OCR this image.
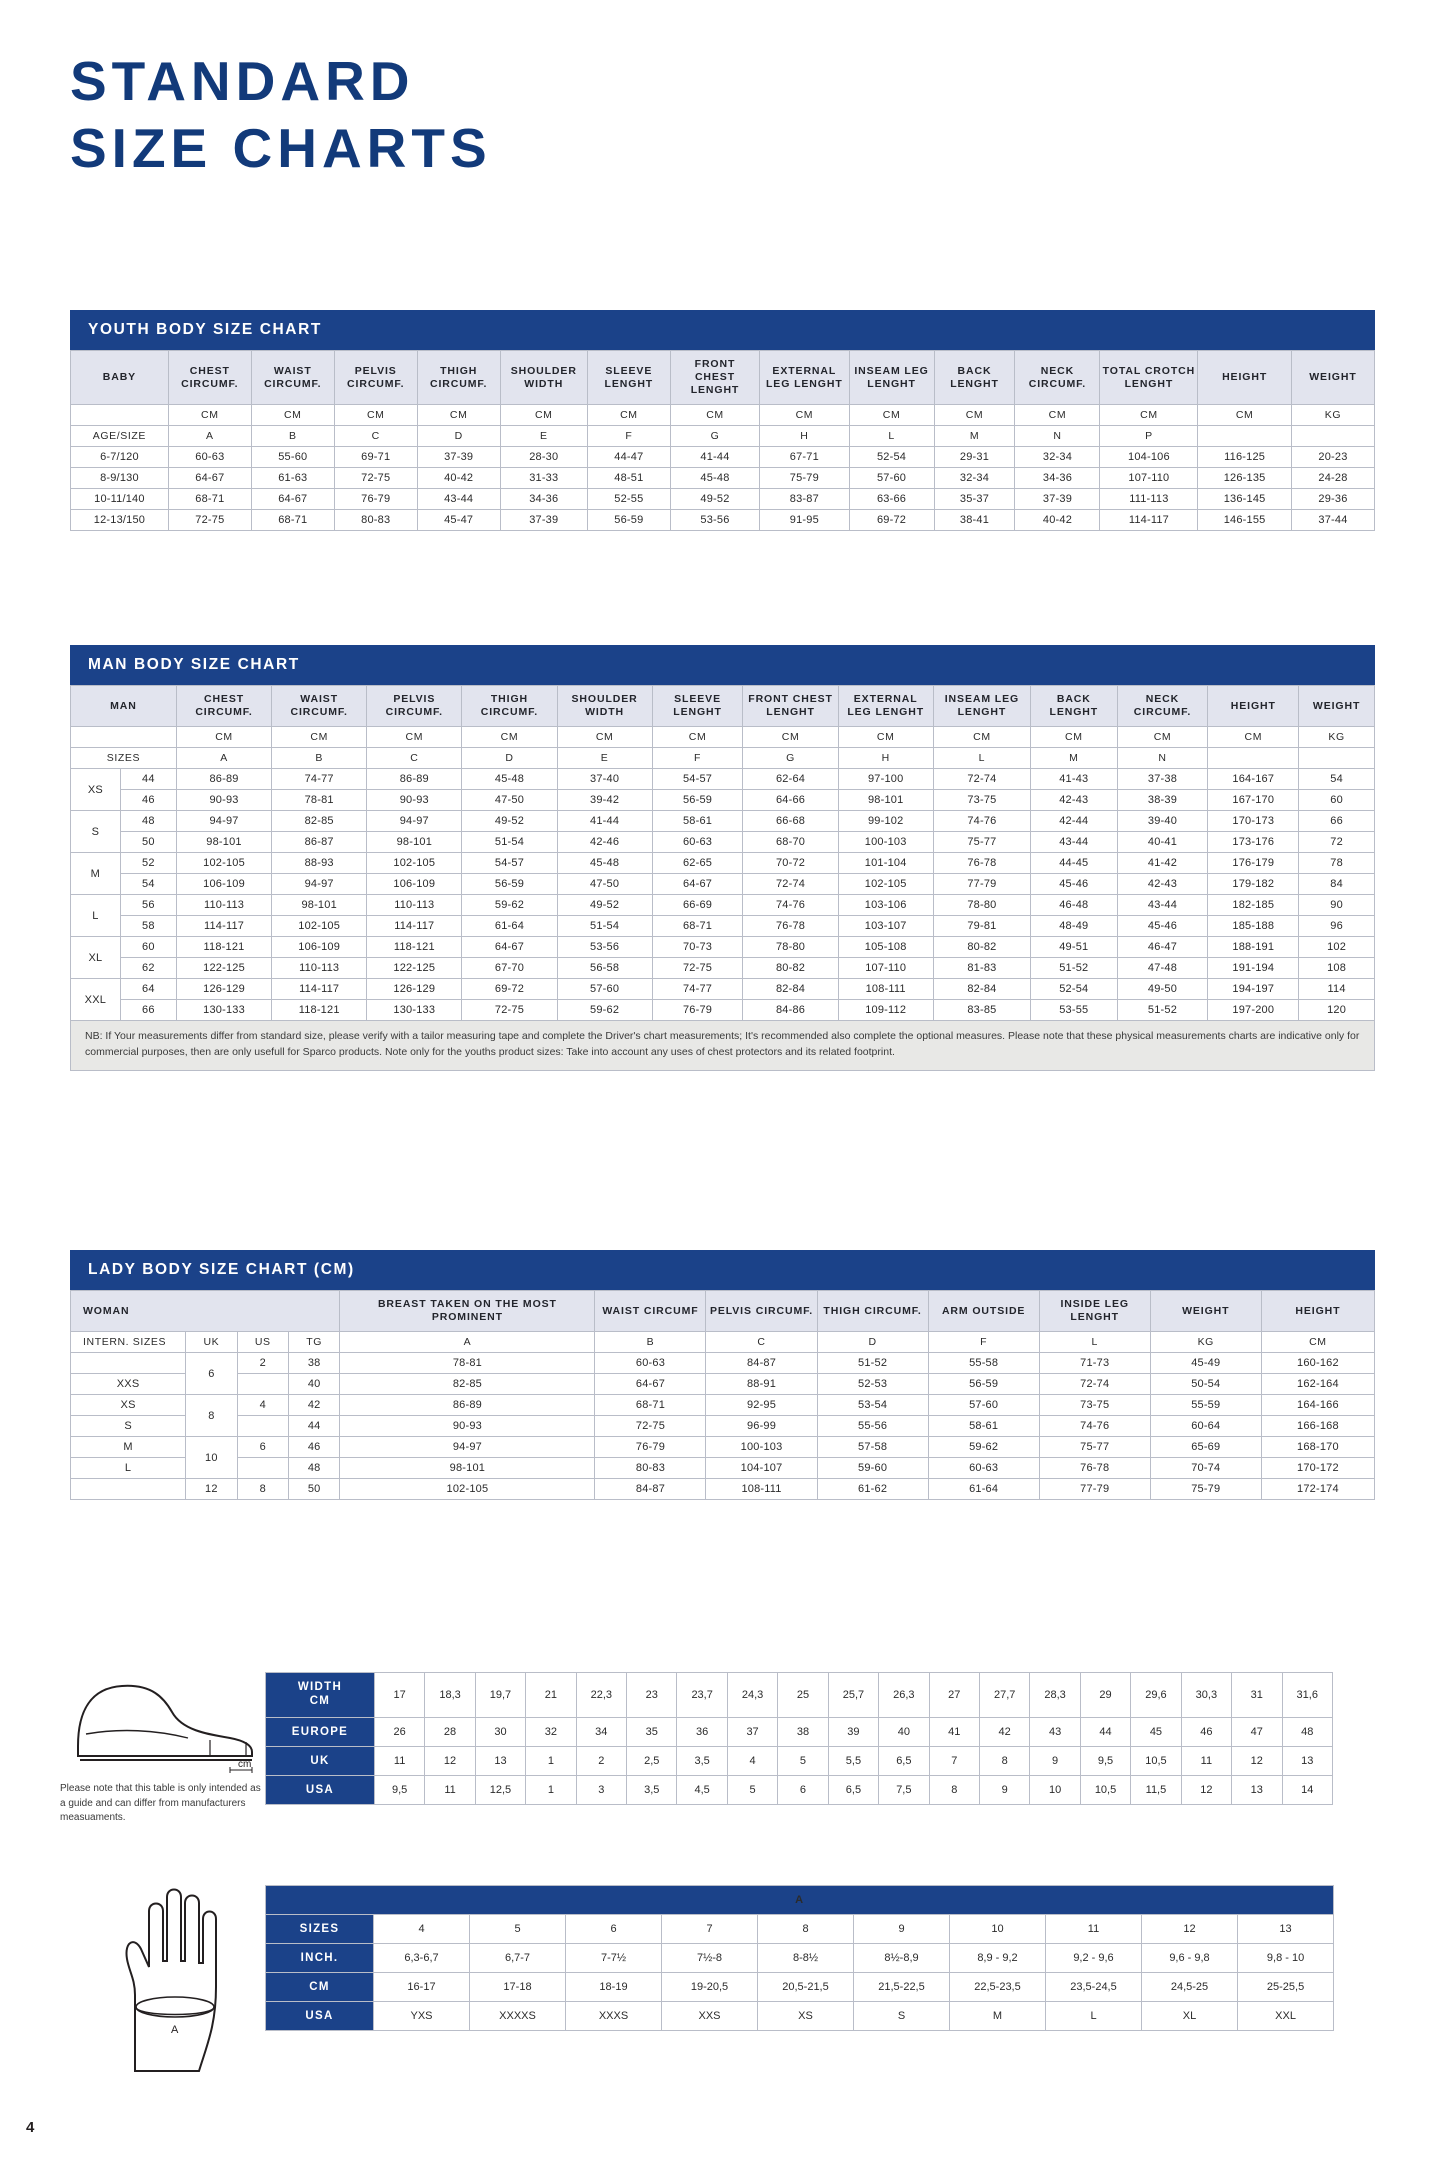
STANDARD
SIZE CHARTS
YOUTH BODY SIZE CHART
BABY	CHEST CIRCUMF.	WAIST CIRCUMF.	PELVIS CIRCUMF.	THIGH CIRCUMF.	SHOULDER WIDTH	SLEEVE LENGHT	FRONT CHEST LENGHT	EXTERNAL LEG LENGHT	INSEAM LEG LENGHT	BACK LENGHT	NECK CIRCUMF.	TOTAL CROTCH LENGHT	HEIGHT	WEIGHT
	CM	CM	CM	CM	CM	CM	CM	CM	CM	CM	CM	CM	CM	KG
AGE/SIZE	A	B	C	D	E	F	G	H	L	M	N	P		
6-7/120	60-63	55-60	69-71	37-39	28-30	44-47	41-44	67-71	52-54	29-31	32-34	104-106	116-125	20-23
8-9/130	64-67	61-63	72-75	40-42	31-33	48-51	45-48	75-79	57-60	32-34	34-36	107-110	126-135	24-28
10-11/140	68-71	64-67	76-79	43-44	34-36	52-55	49-52	83-87	63-66	35-37	37-39	111-113	136-145	29-36
12-13/150	72-75	68-71	80-83	45-47	37-39	56-59	53-56	91-95	69-72	38-41	40-42	114-117	146-155	37-44
MAN BODY SIZE CHART
MAN		CHEST CIRCUMF.	WAIST CIRCUMF.	PELVIS CIRCUMF.	THIGH CIRCUMF.	SHOULDER WIDTH	SLEEVE LENGHT	FRONT CHEST LENGHT	EXTERNAL LEG LENGHT	INSEAM LEG LENGHT	BACK LENGHT	NECK CIRCUMF.	HEIGHT	WEIGHT
		CM	CM	CM	CM	CM	CM	CM	CM	CM	CM	CM	CM	KG
SIZES		A	B	C	D	E	F	G	H	L	M	N		
XS	44	86-89	74-77	86-89	45-48	37-40	54-57	62-64	97-100	72-74	41-43	37-38	164-167	54
	46	90-93	78-81	90-93	47-50	39-42	56-59	64-66	98-101	73-75	42-43	38-39	167-170	60
S	48	94-97	82-85	94-97	49-52	41-44	58-61	66-68	99-102	74-76	42-44	39-40	170-173	66
	50	98-101	86-87	98-101	51-54	42-46	60-63	68-70	100-103	75-77	43-44	40-41	173-176	72
M	52	102-105	88-93	102-105	54-57	45-48	62-65	70-72	101-104	76-78	44-45	41-42	176-179	78
	54	106-109	94-97	106-109	56-59	47-50	64-67	72-74	102-105	77-79	45-46	42-43	179-182	84
L	56	110-113	98-101	110-113	59-62	49-52	66-69	74-76	103-106	78-80	46-48	43-44	182-185	90
	58	114-117	102-105	114-117	61-64	51-54	68-71	76-78	103-107	79-81	48-49	45-46	185-188	96
XL	60	118-121	106-109	118-121	64-67	53-56	70-73	78-80	105-108	80-82	49-51	46-47	188-191	102
	62	122-125	110-113	122-125	67-70	56-58	72-75	80-82	107-110	81-83	51-52	47-48	191-194	108
XXL	64	126-129	114-117	126-129	69-72	57-60	74-77	82-84	108-111	82-84	52-54	49-50	194-197	114
	66	130-133	118-121	130-133	72-75	59-62	76-79	84-86	109-112	83-85	53-55	51-52	197-200	120
NB: If Your measurements differ from standard size, please verify with a tailor measuring tape and complete the Driver's chart measurements; It's recommended also complete the optional measures. Please note that these physical measurements charts are indicative only for commercial purposes, then are only usefull for Sparco products. Note only for the youths product sizes: Take into account any uses of chest protectors and its related footprint.
LADY BODY SIZE CHART (CM)
WOMAN				BREAST TAKEN ON THE MOST PROMINENT	WAIST CIRCUMF	PELVIS CIRCUMF.	THIGH CIRCUMF.	ARM OUTSIDE	INSIDE LEG LENGHT	WEIGHT	HEIGHT
INTERN. SIZES	UK	US	TG	A	B	C	D	F	L	KG	CM
	6	2	38	78-81	60-63	84-87	51-52	55-58	71-73	45-49	160-162
XXS			40	82-85	64-67	88-91	52-53	56-59	72-74	50-54	162-164
XS	8	4	42	86-89	68-71	92-95	53-54	57-60	73-75	55-59	164-166
S			44	90-93	72-75	96-99	55-56	58-61	74-76	60-64	166-168
M	10	6	46	94-97	76-79	100-103	57-58	59-62	75-77	65-69	168-170
L			48	98-101	80-83	104-107	59-60	60-63	76-78	70-74	170-172
	12	8	50	102-105	84-87	108-111	61-62	61-64	77-79	75-79	172-174
cm
Please note that this table is only intended as a guide and can differ from manufacturers measuaments.
WIDTH
CM	17	18,3	19,7	21	22,3	23	23,7	24,3	25	25,7	26,3	27	27,7	28,3	29	29,6	30,3	31	31,6
EUROPE	26	28	30	32	34	35	36	37	38	39	40	41	42	43	44	45	46	47	48
UK	11	12	13	1	2	2,5	3,5	4	5	5,5	6,5	7	8	9	9,5	10,5	11	12	13
USA	9,5	11	12,5	1	3	3,5	4,5	5	6	6,5	7,5	8	9	10	10,5	11,5	12	13	14
A
A										
SIZES	4	5	6	7	8	9	10	11	12	13
INCH.	6,3-6,7	6,7-7	7-7½	7½-8	8-8½	8½-8,9	8,9 - 9,2	9,2 - 9,6	9,6 - 9,8	9,8 - 10
CM	16-17	17-18	18-19	19-20,5	20,5-21,5	21,5-22,5	22,5-23,5	23,5-24,5	24,5-25	25-25,5
USA	YXS	XXXXS	XXXS	XXS	XS	S	M	L	XL	XXL
4
